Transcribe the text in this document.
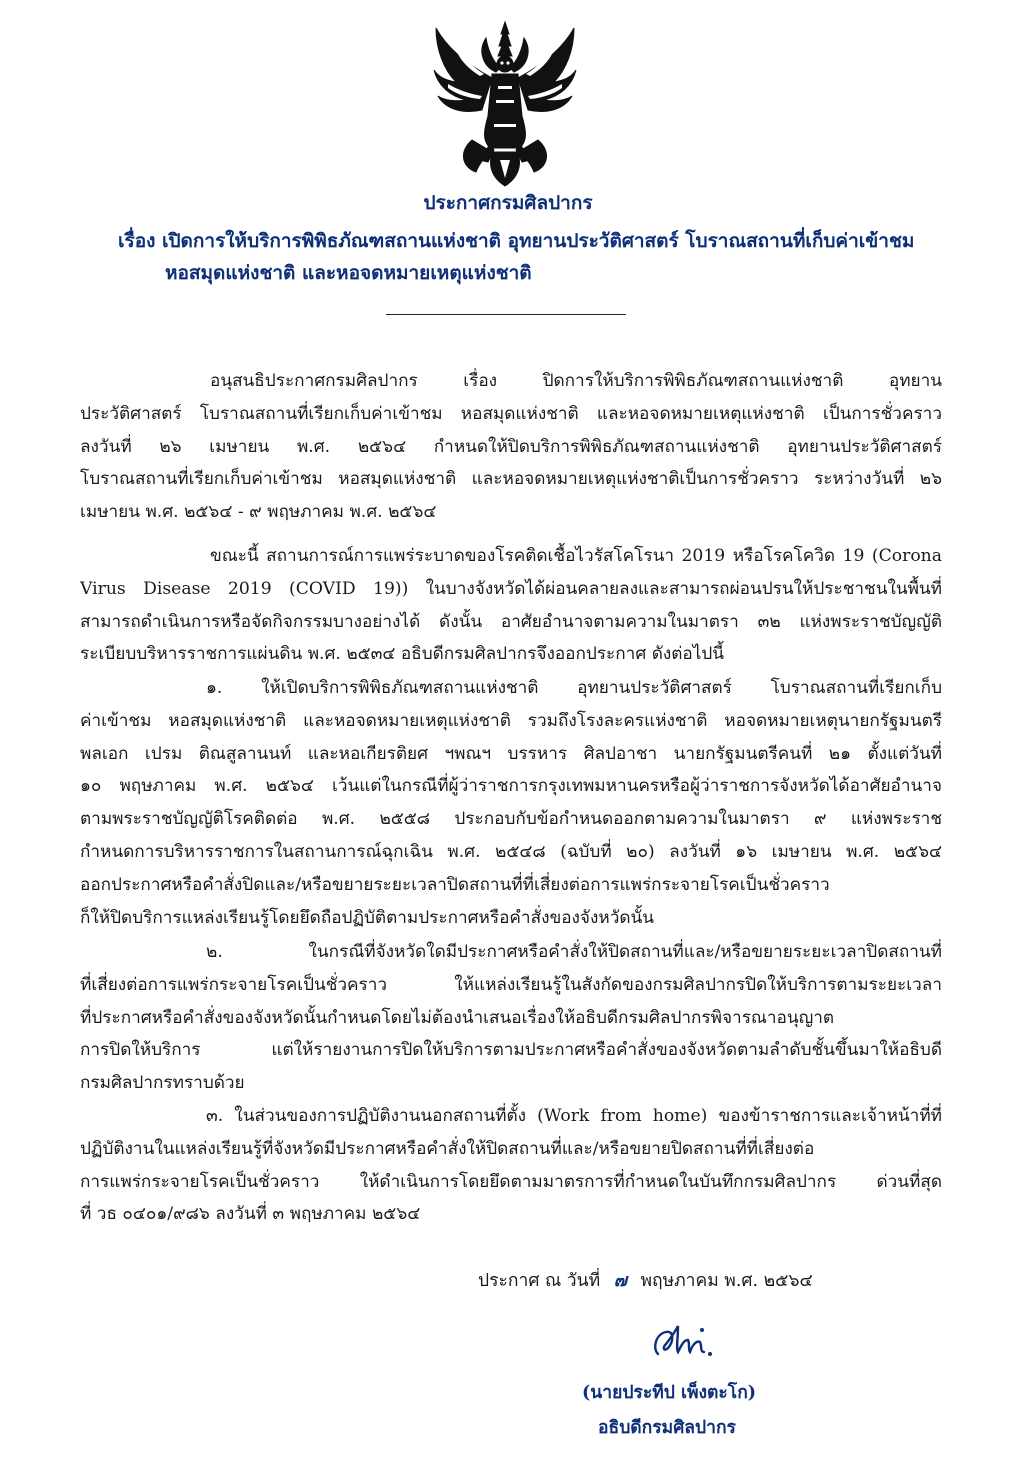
ประกาศกรมศิลปากร
เรื่อง เปิดการให้บริการพิพิธภัณฑสถานแห่งชาติ อุทยานประวัติศาสตร์ โบราณสถานที่เก็บค่าเข้าชม
หอสมุดแห่งชาติ และหอจดหมายเหตุแห่งชาติ
อนุสนธิประกาศกรมศิลปากร เรื่อง ปิดการให้บริการพิพิธภัณฑสถานแห่งชาติ อุทยาน
ประวัติศาสตร์ โบราณสถานที่เรียกเก็บค่าเข้าชม หอสมุดแห่งชาติ และหอจดหมายเหตุแห่งชาติ เป็นการชั่วคราว
ลงวันที่ ๒๖ เมษายน พ.ศ. ๒๕๖๔ กำหนดให้ปิดบริการพิพิธภัณฑสถานแห่งชาติ อุทยานประวัติศาสตร์
โบราณสถานที่เรียกเก็บค่าเข้าชม หอสมุดแห่งชาติ และหอจดหมายเหตุแห่งชาติเป็นการชั่วคราว ระหว่างวันที่ ๒๖
เมษายน พ.ศ. ๒๕๖๔ - ๙ พฤษภาคม พ.ศ. ๒๕๖๔
ขณะนี้ สถานการณ์การแพร่ระบาดของโรคติดเชื้อไวรัสโคโรนา 2019 หรือโรคโควิด 19 (Corona
Virus Disease 2019 (COVID 19)) ในบางจังหวัดได้ผ่อนคลายลงและสามารถผ่อนปรนให้ประชาชนในพื้นที่
สามารถดำเนินการหรือจัดกิจกรรมบางอย่างได้ ดังนั้น อาศัยอำนาจตามความในมาตรา ๓๒ แห่งพระราชบัญญัติ
ระเบียบบริหารราชการแผ่นดิน พ.ศ. ๒๕๓๔ อธิบดีกรมศิลปากรจึงออกประกาศ ดังต่อไปนี้
๑. ให้เปิดบริการพิพิธภัณฑสถานแห่งชาติ อุทยานประวัติศาสตร์ โบราณสถานที่เรียกเก็บ
ค่าเข้าชม หอสมุดแห่งชาติ และหอจดหมายเหตุแห่งชาติ รวมถึงโรงละครแห่งชาติ หอจดหมายเหตุนายกรัฐมนตรี
พลเอก เปรม ติณสูลานนท์ และหอเกียรติยศ ฯพณฯ บรรหาร ศิลปอาชา นายกรัฐมนตรีคนที่ ๒๑ ตั้งแต่วันที่
๑๐ พฤษภาคม พ.ศ. ๒๕๖๔ เว้นแต่ในกรณีที่ผู้ว่าราชการกรุงเทพมหานครหรือผู้ว่าราชการจังหวัดได้อาศัยอำนาจ
ตามพระราชบัญญัติโรคติดต่อ พ.ศ. ๒๕๕๘ ประกอบกับข้อกำหนดออกตามความในมาตรา ๙ แห่งพระราช
กำหนดการบริหารราชการในสถานการณ์ฉุกเฉิน พ.ศ. ๒๕๔๘ (ฉบับที่ ๒๐) ลงวันที่ ๑๖ เมษายน พ.ศ. ๒๕๖๔
ออกประกาศหรือคำสั่งปิดและ/หรือขยายระยะเวลาปิดสถานที่ที่เสี่ยงต่อการแพร่กระจายโรคเป็นชั่วคราว
ก็ให้ปิดบริการแหล่งเรียนรู้โดยยึดถือปฏิบัติตามประกาศหรือคำสั่งของจังหวัดนั้น
๒. ในกรณีที่จังหวัดใดมีประกาศหรือคำสั่งให้ปิดสถานที่และ/หรือขยายระยะเวลาปิดสถานที่
ที่เสี่ยงต่อการแพร่กระจายโรคเป็นชั่วคราว ให้แหล่งเรียนรู้ในสังกัดของกรมศิลปากรปิดให้บริการตามระยะเวลา
ที่ประกาศหรือคำสั่งของจังหวัดนั้นกำหนดโดยไม่ต้องนำเสนอเรื่องให้อธิบดีกรมศิลปากรพิจารณาอนุญาต
การปิดให้บริการ แต่ให้รายงานการปิดให้บริการตามประกาศหรือคำสั่งของจังหวัดตามลำดับชั้นขึ้นมาให้อธิบดี
กรมศิลปากรทราบด้วย
๓. ในส่วนของการปฏิบัติงานนอกสถานที่ตั้ง (Work from home) ของข้าราชการและเจ้าหน้าที่ที่
ปฏิบัติงานในแหล่งเรียนรู้ที่จังหวัดมีประกาศหรือคำสั่งให้ปิดสถานที่และ/หรือขยายปิดสถานที่ที่เสี่ยงต่อ
การแพร่กระจายโรคเป็นชั่วคราว ให้ดำเนินการโดยยึดตามมาตรการที่กำหนดในบันทึกกรมศิลปากร ด่วนที่สุด
ที่ วธ ๐๔๐๑/๙๘๖ ลงวันที่ ๓ พฤษภาคม ๒๕๖๔
ประกาศ ณ วันที่ ๗ พฤษภาคม พ.ศ. ๒๕๖๔
(นายประทีป เพ็งตะโก)
อธิบดีกรมศิลปากร
